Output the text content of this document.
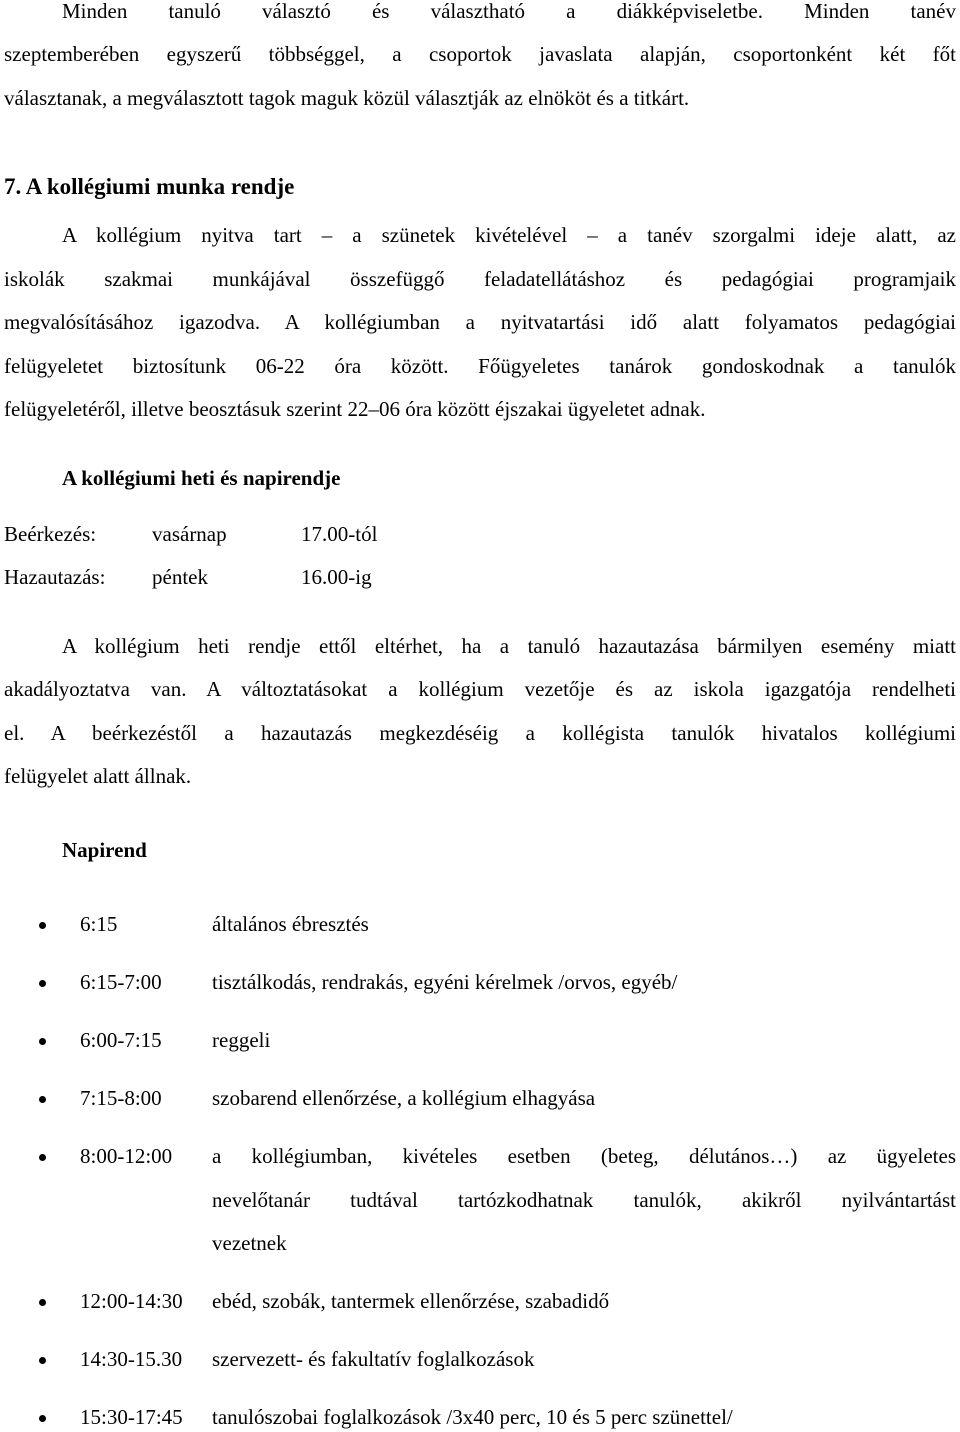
Minden tanuló választó és választható a diákképviseletbe. Minden tanév

szeptemberében egyszerű többséggel, a csoportok javaslata alapján, csoportonként két főt

választanak, a megválasztott tagok maguk közül választják az elnököt és a titkárt.

7. A kollégiumi munka rendje

A kollégium nyitva tart – a szünetek kivételével – a tanév szorgalmi ideje alatt, az

iskolák szakmai munkájával összefüggő feladatellátáshoz és pedagógiai programjaik

megvalósításához igazodva. A kollégiumban a nyitvatartási idő alatt folyamatos pedagógiai

felügyeletet biztosítunk 06-22 óra között. Főügyeletes tanárok gondoskodnak a tanulók

felügyeletéről, illetve beosztásuk szerint 22–06 óra között éjszakai ügyeletet adnak.

A kollégiumi heti és napirendje
Beérkezés:	vasárnap	17.00-tól
Hazautazás: péntek	16.00-ig

A kollégium heti rendje ettől eltérhet, ha a tanuló hazautazása bármilyen esemény miatt

akadályoztatva van. A változtatásokat a kollégium vezetője és az iskola igazgatója rendelheti

el. A beérkezéstől a hazautazás megkezdéséig a kollégista tanulók hivatalos kollégiumi

felügyelet alatt állnak.

Napirend
6:15	általános ébresztés

6:15-7:00 tisztálkodás, rendrakás, egyéni kérelmek /orvos, egyéb/

6:00-7:15 reggeli

7:15-8:00 szobarend ellenőrzése, a kollégium elhagyása

8:00-12:00 a kollégiumban, kivételes esetben (beteg, délutános…) az ügyeletes

nevelőtanár tudtával tartózkodhatnak tanulók, akikről nyilvántartást

vezetnek

12:00-14:30 ebéd, szobák, tantermek ellenőrzése, szabadidő

14:30-15.30 szervezett- és fakultatív foglalkozások

15:30-17:45 tanulószobai foglalkozások /3x40 perc, 10 és 5 perc szünettel/
